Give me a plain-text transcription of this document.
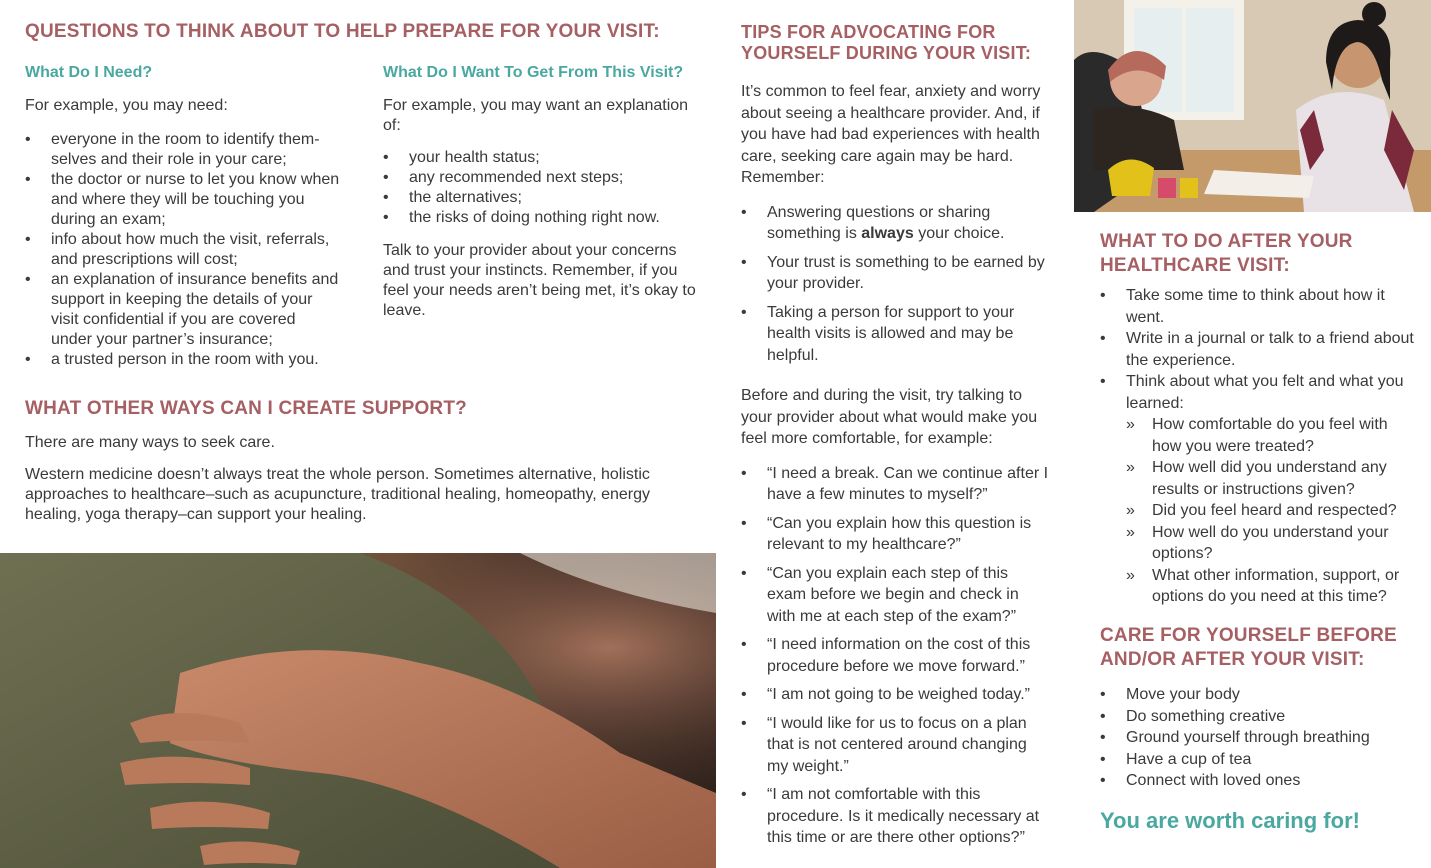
QUESTIONS TO THINK ABOUT TO HELP PREPARE FOR YOUR VISIT:
What Do I Need?

For example, you may need:

• everyone in the room to identify them-selves and their role in your care;
• the doctor or nurse to let you know when and where they will be touching you during an exam;
• info about how much the visit, referrals, and prescriptions will cost;
• an explanation of insurance benefits and support in keeping the details of your visit confidential if you are covered under your partner’s insurance;
• a trusted person in the room with you.
What Do I Want To Get From This Visit?

For example, you may want an explanation of:

• your health status;
• any recommended next steps;
• the alternatives;
• the risks of doing nothing right now.

Talk to your provider about your concerns and trust your instincts. Remember, if you feel your needs aren’t being met, it’s okay to leave.

WHAT OTHER WAYS CAN I CREATE SUPPORT?

There are many ways to seek care.

Western medicine doesn’t always treat the whole person. Sometimes alternative, holistic approaches to healthcare–such as acupuncture, traditional healing, homeopathy, energy healing, yoga therapy–can support your healing.

TIPS FOR ADVOCATING FOR YOURSELF DURING YOUR VISIT:

It’s common to feel fear, anxiety and worry about seeing a healthcare provider. And, if you have had bad experiences with health care, seeking care again may be hard. Remember:

• Answering questions or sharing something is always your choice.
• Your trust is something to be earned by your provider.
• Taking a person for support to your health visits is allowed and may be helpful.

Before and during the visit, try talking to your provider about what would make you feel more comfortable, for example:

• “I need a break. Can we continue after I have a few minutes to myself?”
• “Can you explain how this question is relevant to my healthcare?”
• “Can you explain each step of this exam before we begin and check in with me at each step of the exam?”
• “I need information on the cost of this procedure before we move forward.”
• “I am not going to be weighed today.”
• “I would like for us to focus on a plan that is not centered around changing my weight.”
• “I am not comfortable with this procedure. Is it medically necessary at this time or are there other options?”
WHAT TO DO AFTER YOUR HEALTHCARE VISIT:
• Take some time to think about how it went.
• Write in a journal or talk to a friend about the experience.
• Think about what you felt and what you learned:
» How comfortable do you feel with how you were treated?
» How well did you understand any results or instructions given?
» Did you feel heard and respected?
» How well do you understand your options?
» What other information, support, or options do you need at this time?
CARE FOR YOURSELF BEFORE AND/OR AFTER YOUR VISIT:
• Move your body
• Do something creative
• Ground yourself through breathing
• Have a cup of tea
• Connect with loved ones
You are worth caring for!
